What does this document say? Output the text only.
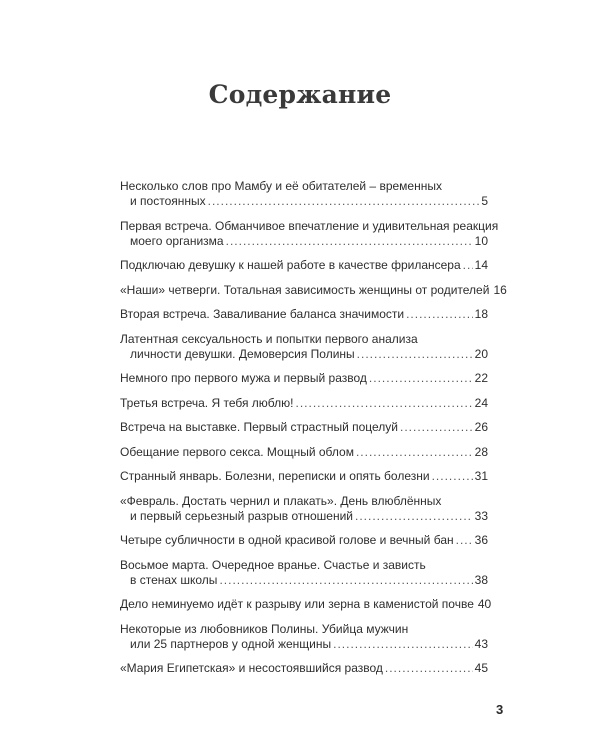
Содержание
Несколько слов про Мамбу и её обитателей – временных
и постоянных .....	5
Первая встреча. Обманчивое впечатление и удивительная реакция
моего организма .....	10
Подключаю девушку к нашей работе в качестве фрилансера ..... 14
«Наши» четверги. Тотальная зависимость женщины от родителей 16
Вторая встреча. Заваливание баланса значимости .....	18
Латентная сексуальность и попытки первого анализа
личности девушки. Демоверсия Полины .....	20
Немного про первого мужа и первый развод .....	22
Третья встреча. Я тебя люблю! .....	24
Встреча на выставке. Первый страстный поцелуй .....	26
Обещание первого секса. Мощный облом .....	28
Странный январь. Болезни, переписки и опять болезни .....	31
«Февраль. Достать чернил и плакать». День влюблённых
и первый серьезный разрыв отношений .....	33
Четыре субличности в одной красивой голове и вечный бан ..... 36
Восьмое марта. Очередное вранье. Счастье и зависть
в стенах школы .....	38
Дело неминуемо идёт к разрыву или зерна в каменистой почве 40
Некоторые из любовников Полины. Убийца мужчин
или 25 партнеров у одной женщины .....	43
«Мария Египетская» и несостоявшийся развод .....	45
3
